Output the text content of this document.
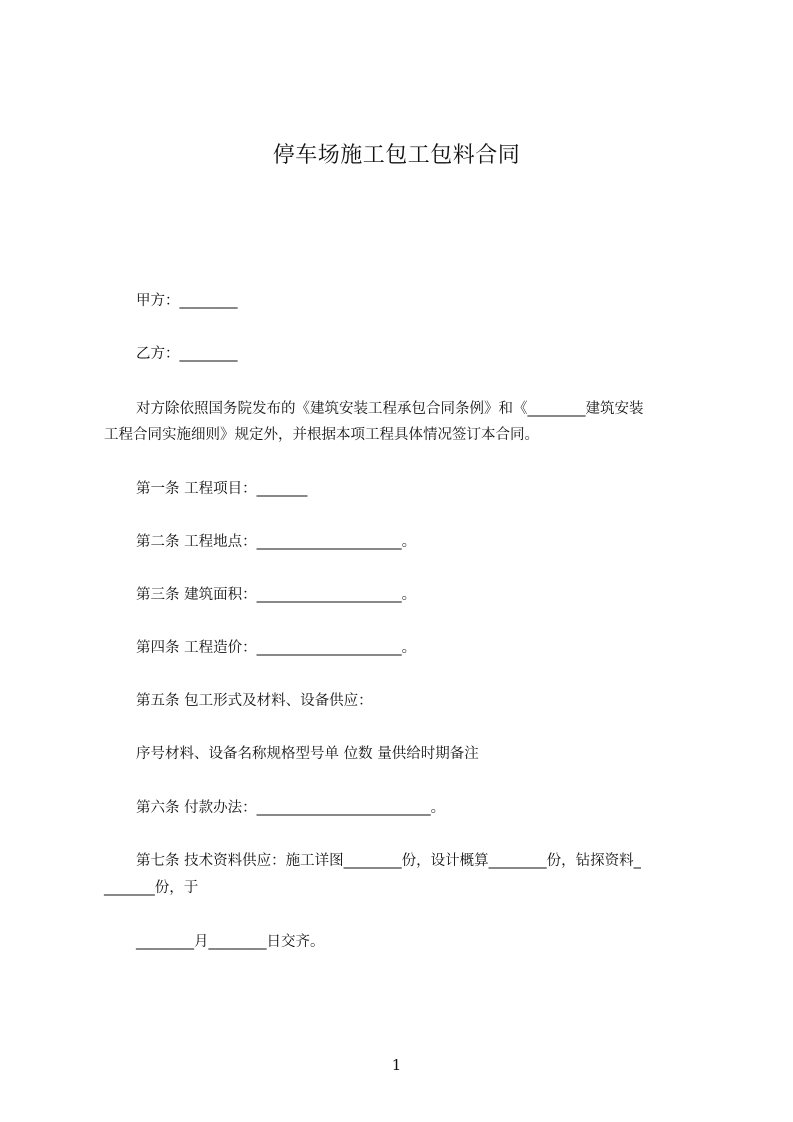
停车场施工包工包料合同

甲方：________

乙方：________

对方除依照国务院发布的《建筑安装工程承包合同条例》和《________建筑安装

工程合同实施细则》规定外，并根据本项工程具体情况签订本合同。

第一条 工程项目：_______

第二条 工程地点：____________________。

第三条 建筑面积：____________________。

第四条 工程造价：____________________。

第五条 包工形式及材料、设备供应：

序号材料、设备名称规格型号单 位数 量供给时期备注

第六条 付款办法：________________________。

第七条 技术资料供应：施工详图________份，设计概算________份，钻探资料_

_______份，于

________月________日交齐。

1
